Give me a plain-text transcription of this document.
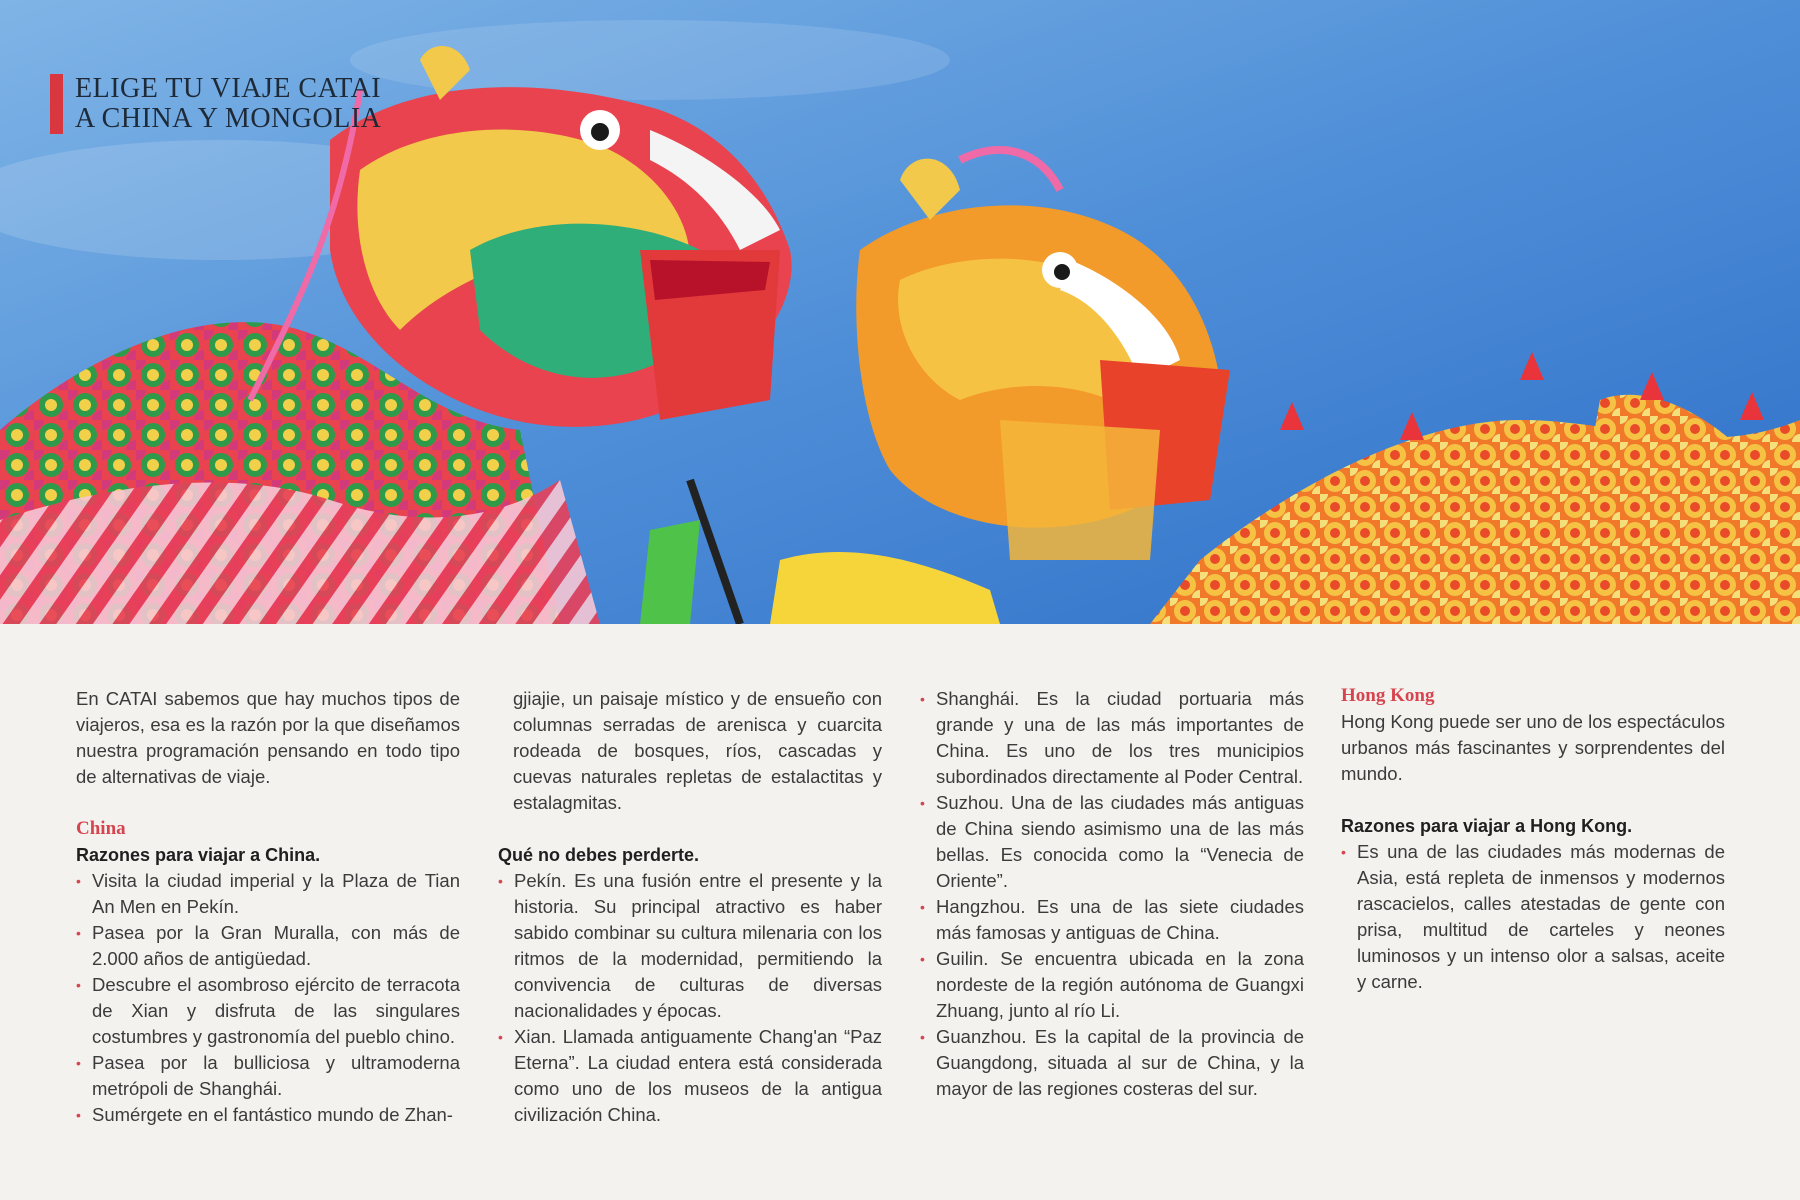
ELIGE TU VIAJE CATAI
A CHINA Y MONGOLIA

En CATAI sabemos que hay muchos tipos de viajeros, esa es la razón por la que diseñamos nuestra programación pensando en todo tipo de alternativas de viaje.

China
Razones para viajar a China.
• Visita la ciudad imperial y la Plaza de Tian An Men en Pekín.
• Pasea por la Gran Muralla, con más de 2.000 años de antigüedad.
• Descubre el asombroso ejército de terracota de Xian y disfruta de las singulares costumbres y gastronomía del pueblo chino.
• Pasea por la bulliciosa y ultramoderna metrópoli de Shanghái.
• Sumérgete en el fantástico mundo de Zhan-

gjiajie, un paisaje místico y de ensueño con columnas serradas de arenisca y cuarcita rodeada de bosques, ríos, cascadas y cuevas naturales repletas de estalactitas y estalagmitas.

Qué no debes perderte.
• Pekín. Es una fusión entre el presente y la historia. Su principal atractivo es haber sabido combinar su cultura milenaria con los ritmos de la modernidad, permitiendo la convivencia de culturas de diversas nacionalidades y épocas.
• Xian. Llamada antiguamente Chang'an “Paz Eterna”. La ciudad entera está considerada como uno de los museos de la antigua civilización China.
• Shanghái. Es la ciudad portuaria más grande y una de las más importantes de China. Es uno de los tres municipios subordinados directamente al Poder Central.
• Suzhou. Una de las ciudades más antiguas de China siendo asimismo una de las más bellas. Es conocida como la “Venecia de Oriente”.
• Hangzhou. Es una de las siete ciudades más famosas y antiguas de China.
• Guilin. Se encuentra ubicada en la zona nordeste de la región autónoma de Guangxi Zhuang, junto al río Li.
• Guanzhou. Es la capital de la provincia de Guangdong, situada al sur de China, y la mayor de las regiones costeras del sur.
Hong Kong

Hong Kong puede ser uno de los espectáculos urbanos más fascinantes y sorprendentes del mundo.

Razones para viajar a Hong Kong.
• Es una de las ciudades más modernas de Asia, está repleta de inmensos y modernos rascacielos, calles atestadas de gente con prisa, multitud de carteles y neones luminosos y un intenso olor a salsas, aceite y carne.
